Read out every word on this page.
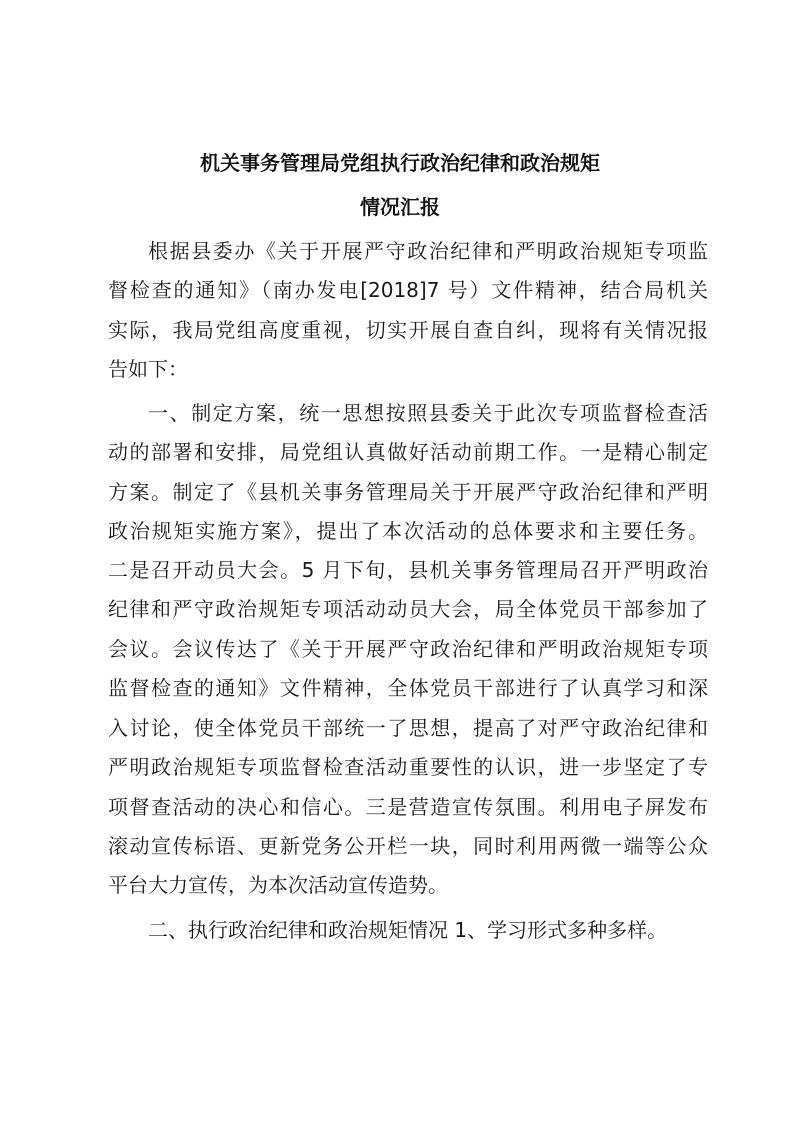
机关事务管理局党组执行政治纪律和政治规矩
情况汇报
根据县委办《关于开展严守政治纪律和严明政治规矩专项监
督检查的通知》（南办发电[2018]7 号）文件精神，结合局机关
实际，我局党组高度重视，切实开展自查自纠，现将有关情况报
告如下：
一、制定方案，统一思想按照县委关于此次专项监督检查活
动的部署和安排，局党组认真做好活动前期工作。一是精心制定
方案。制定了《县机关事务管理局关于开展严守政治纪律和严明
政治规矩实施方案》，提出了本次活动的总体要求和主要任务。
二是召开动员大会。5 月下旬，县机关事务管理局召开严明政治
纪律和严守政治规矩专项活动动员大会，局全体党员干部参加了
会议。会议传达了《关于开展严守政治纪律和严明政治规矩专项
监督检查的通知》文件精神，全体党员干部进行了认真学习和深
入讨论，使全体党员干部统一了思想，提高了对严守政治纪律和
严明政治规矩专项监督检查活动重要性的认识，进一步坚定了专
项督查活动的决心和信心。三是营造宣传氛围。利用电子屏发布
滚动宣传标语、更新党务公开栏一块，同时利用两微一端等公众
平台大力宣传，为本次活动宣传造势。
二、执行政治纪律和政治规矩情况 1、学习形式多种多样。
